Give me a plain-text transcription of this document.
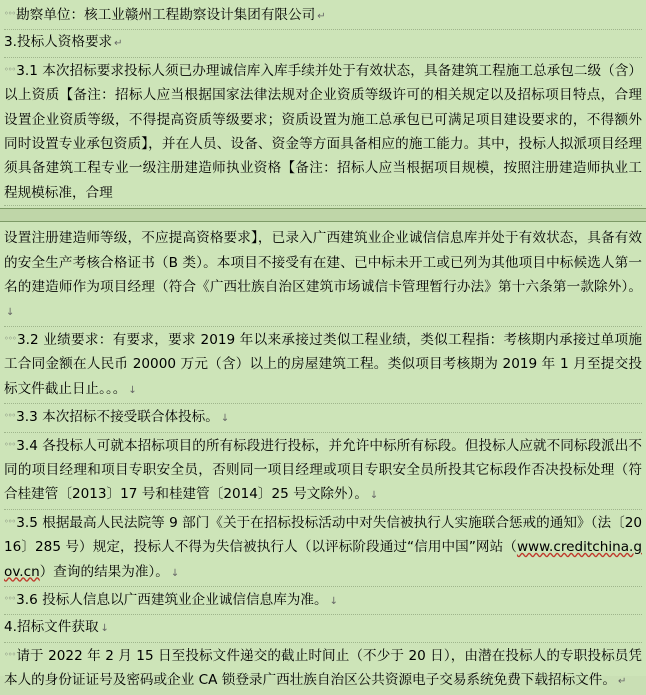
◦◦◦勘察单位：核工业赣州工程勘察设计集团有限公司 ↵
3.投标人资格要求 ↵
◦◦◦3.1 本次招标要求投标人须已办理诚信库入库手续并处于有效状态，具备建筑工程施工总承包二级（含）以上资质【备注：招标人应当根据国家法律法规对企业资质等级许可的相关规定以及招标项目特点，合理设置企业资质等级，不得提高资质等级要求；资质设置为施工总承包已可满足项目建设要求的，不得额外同时设置专业承包资质】，并在人员、设备、资金等方面具备相应的施工能力。其中，投标人拟派项目经理须具备建筑工程专业一级注册建造师执业资格【备注：招标人应当根据项目规模，按照注册建造师执业工程规模标准，合理
设置注册建造师等级，不应提高资格要求】，已录入广西建筑业企业诚信信息库并处于有效状态，具备有效的安全生产考核合格证书（B 类）。本项目不接受有在建、已中标未开工或已列为其他项目中标候选人第一名的建造师作为项目经理（符合《广西壮族自治区建筑市场诚信卡管理暂行办法》第十六条第一款除外）。↓
◦◦◦3.2 业绩要求：有要求，要求 2019 年以来承接过类似工程业绩，类似工程指：考核期内承接过单项施工合同金额在人民币 20000 万元（含）以上的房屋建筑工程。类似项目考核期为 2019 年 1 月至提交投标文件截止日止。。。 ↓
◦◦◦3.3 本次招标不接受联合体投标。 ↓
◦◦◦3.4 各投标人可就本招标项目的所有标段进行投标，并允许中标所有标段。但投标人应就不同标段派出不同的项目经理和项目专职安全员，否则同一项目经理或项目专职安全员所投其它标段作否决投标处理（符合桂建管〔2013〕17 号和桂建管〔2014〕25 号文除外）。 ↓
◦◦◦3.5 根据最高人民法院等 9 部门《关于在招标投标活动中对失信被执行人实施联合惩戒的通知》（法〔2016〕285 号）规定，投标人不得为失信被执行人（以评标阶段通过“信用中国”网站（www.creditchina.gov.cn）查询的结果为准）。 ↓
◦◦◦3.6 投标人信息以广西建筑业企业诚信信息库为准。 ↓
4.招标文件获取 ↓
◦◦◦请于 2022 年 2 月 15 日至投标文件递交的截止时间止（不少于 20 日），由潜在投标人的专职投标员凭本人的身份证证号及密码或企业 CA 锁登录广西壮族自治区公共资源电子交易系统免费下载招标文件。 ↵
